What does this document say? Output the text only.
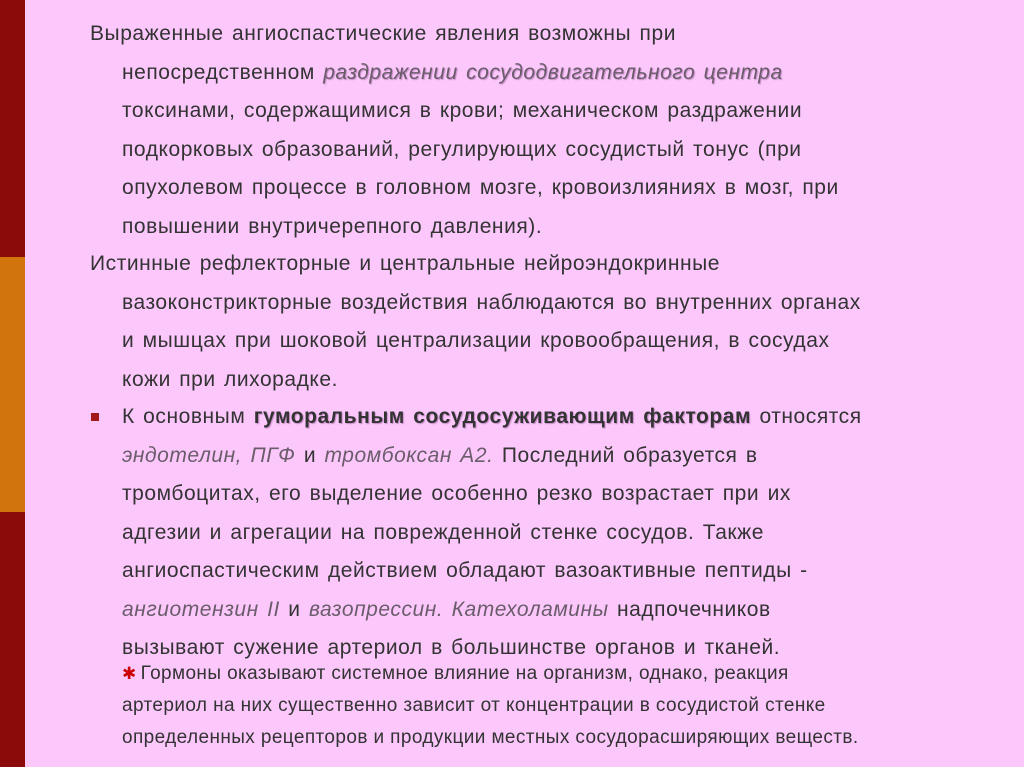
Выраженные ангиоспастические явления возможны при

непосредственном раздражении сосудодвигательного центра
токсинами, содержащимися в крови; механическом раздражении
подкорковых образований, регулирующих сосудистый тонус (при
опухолевом процессе в головном мозге, кровоизлияниях в мозг, при
повышении внутричерепного давления).
Истинные рефлекторные и центральные нейроэндокринные

вазоконстрикторные воздействия наблюдаются во внутренних органах
и мышцах при шоковой централизации кровообращения, в сосудах
кожи при лихорадке.
К основным гуморальным сосудосуживающим факторам относятся
эндотелин, ПГФ и тромбоксан А2. Последний образуется в
тромбоцитах, его выделение особенно резко возрастает при их
адгезии и агрегации на поврежденной стенке сосудов. Также
ангиоспастическим действием обладают вазоактивные пептиды -
ангиотензин II и вазопрессин. Катехоламины надпочечников
вызывают сужение артериол в большинстве органов и тканей.
✱ Гормоны оказывают системное влияние на организм, однако, реакция
артериол на них существенно зависит от концентрации в сосудистой стенке
определенных рецепторов и продукции местных сосудорасширяющих веществ.
